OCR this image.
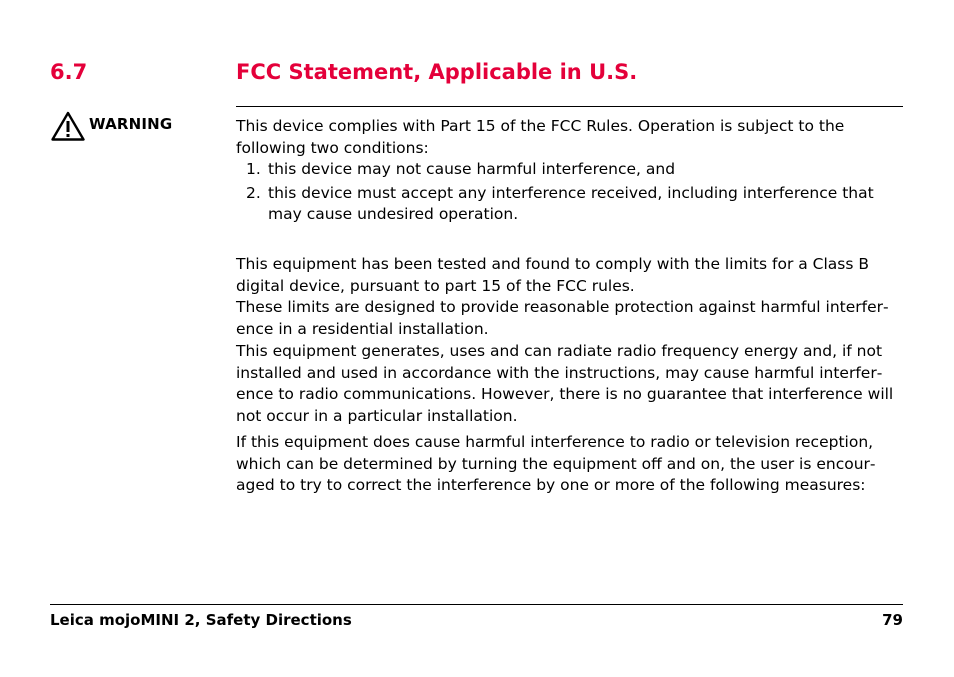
6.7	FCC Statement, Applicable in U.S.
WARNING	This device complies with Part 15 of the FCC Rules. Operation is subject to the following two conditions:
1. this device may not cause harmful interference, and
2. this device must accept any interference received, including interference that may cause undesired operation.

This equipment has been tested and found to comply with the limits for a Class B digital device, pursuant to part 15 of the FCC rules.

These limits are designed to provide reasonable protection against harmful interference in a residential installation.

This equipment generates, uses and can radiate radio frequency energy and, if not installed and used in accordance with the instructions, may cause harmful interference to radio communications. However, there is no guarantee that interference will not occur in a particular installation.

If this equipment does cause harmful interference to radio or television reception, which can be determined by turning the equipment off and on, the user is encouraged to try to correct the interference by one or more of the following measures:
Leica mojoMINI 2, Safety Directions	79
